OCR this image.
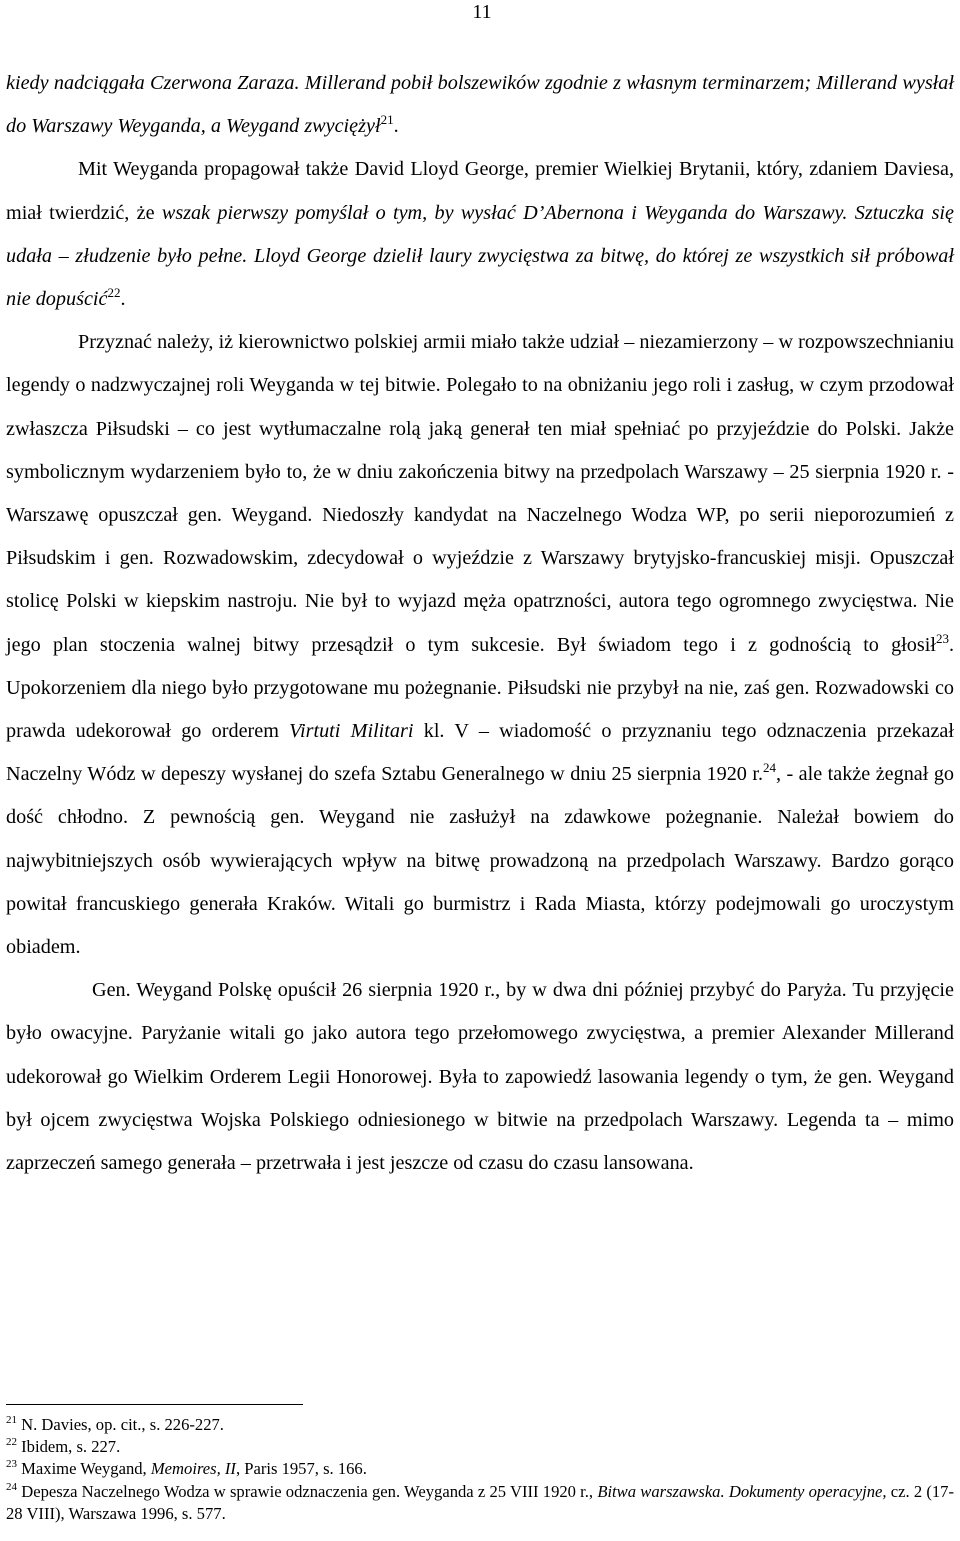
11

kiedy nadciągała Czerwona Zaraza. Millerand pobił bolszewików zgodnie z własnym terminarzem; Millerand wysłał do Warszawy Weyganda, a Weygand zwyciężył$^{21}$.

Mit Weyganda propagował także David Lloyd George, premier Wielkiej Brytanii, który, zdaniem Daviesa, miał twierdzić, że wszak pierwszy pomyślał o tym, by wysłać D’Abernona i Weyganda do Warszawy. Sztuczka się udała – złudzenie było pełne. Lloyd George dzielił laury zwycięstwa za bitwę, do której ze wszystkich sił próbował nie dopuścić$^{22}$.

Przyznać należy, iż kierownictwo polskiej armii miało także udział – niezamierzony – w rozpowszechnianiu legendy o nadzwyczajnej roli Weyganda w tej bitwie. Polegało to na obniżaniu jego roli i zasług, w czym przodował zwłaszcza Piłsudski – co jest wytłumaczalne rolą jaką generał ten miał spełniać po przyjeździe do Polski. Jakże symbolicznym wydarzeniem było to, że w dniu zakończenia bitwy na przedpolach Warszawy – 25 sierpnia 1920 r. - Warszawę opuszczał gen. Weygand. Niedoszły kandydat na Naczelnego Wodza WP, po serii nieporozumień z Piłsudskim i gen. Rozwadowskim, zdecydował o wyjeździe z Warszawy brytyjsko-francuskiej misji. Opuszczał stolicę Polski w kiepskim nastroju. Nie był to wyjazd męża opatrzności, autora tego ogromnego zwycięstwa. Nie jego plan stoczenia walnej bitwy przesądził o tym sukcesie. Był świadom tego i z godnością to głosił$^{23}$. Upokorzeniem dla niego było przygotowane mu pożegnanie. Piłsudski nie przybył na nie, zaś gen. Rozwadowski co prawda udekorował go orderem Virtuti Militari kl. V – wiadomość o przyznaniu tego odznaczenia przekazał Naczelny Wódz w depeszy wysłanej do szefa Sztabu Generalnego w dniu 25 sierpnia 1920 r.$^{24}$, - ale także żegnał go dość chłodno. Z pewnością gen. Weygand nie zasłużył na zdawkowe pożegnanie. Należał bowiem do najwybitniejszych osób wywierających wpływ na bitwę prowadzoną na przedpolach Warszawy. Bardzo gorąco powitał francuskiego generała Kraków. Witali go burmistrz i Rada Miasta, którzy podejmowali go uroczystym obiadem.

Gen. Weygand Polskę opuścił 26 sierpnia 1920 r., by w dwa dni później przybyć do Paryża. Tu przyjęcie było owacyjne. Paryżanie witali go jako autora tego przełomowego zwycięstwa, a premier Alexander Millerand udekorował go Wielkim Orderem Legii Honorowej. Była to zapowiedź lasowania legendy o tym, że gen. Weygand był ojcem zwycięstwa Wojska Polskiego odniesionego w bitwie na przedpolach Warszawy. Legenda ta – mimo zaprzeczeń samego generała – przetrwała i jest jeszcze od czasu do czasu lansowana.

$^{21}$ N. Davies, op. cit., s. 226-227.

$^{22}$ Ibidem, s. 227.

$^{23}$ Maxime Weygand, Memoires, II, Paris 1957, s. 166.

$^{24}$ Depesza Naczelnego Wodza w sprawie odznaczenia gen. Weyganda z 25 VIII 1920 r., Bitwa warszawska. Dokumenty operacyjne, cz. 2 (17-28 VIII), Warszawa 1996, s. 577.
